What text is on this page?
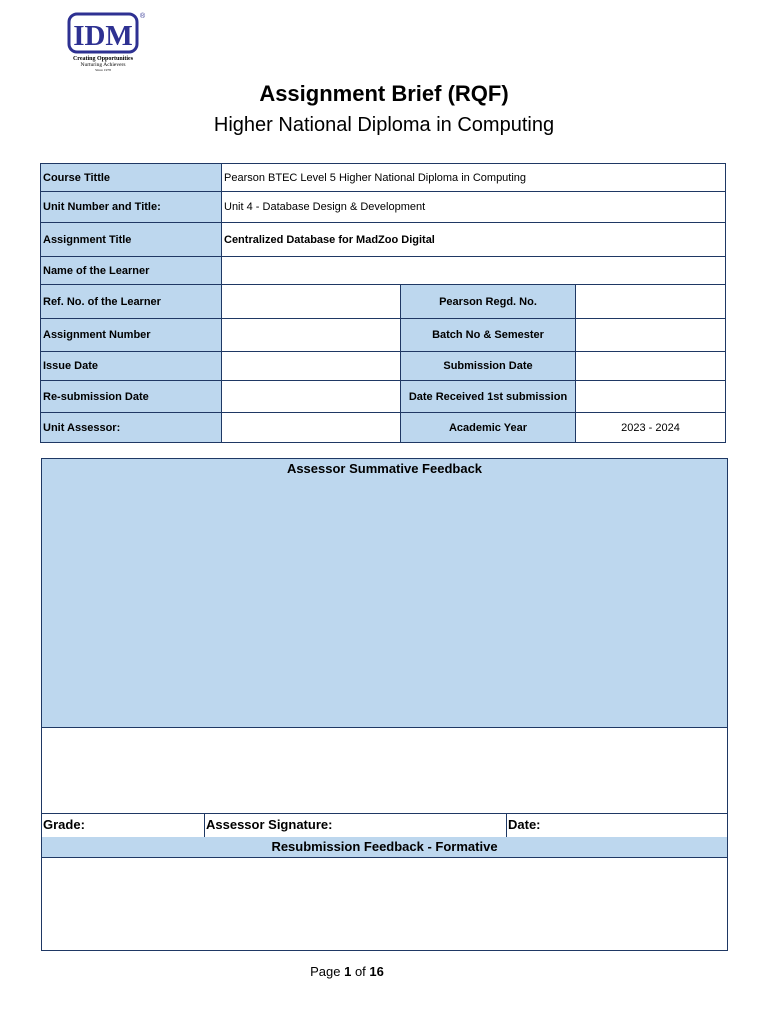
IDM
®
Creating Opportunities
Nurturing Achievers
Since 1978
Assignment Brief (RQF)
Higher National Diploma in Computing
Course Tittle	Pearson BTEC Level 5 Higher National Diploma in Computing		
Unit Number and Title:	Unit 4 - Database Design & Development		
Assignment Title	Centralized Database for MadZoo Digital		
Name of the Learner			
Ref. No. of the Learner		Pearson Regd. No.	
Assignment Number		Batch No & Semester	
Issue Date		Submission Date	
Re-submission Date		Date Received 1st submission	
Unit Assessor:		Academic Year	2023 - 2024
Assessor Summative Feedback
Grade:	Assessor Signature:	Date:
Resubmission Feedback - Formative
Page 1 of 16
